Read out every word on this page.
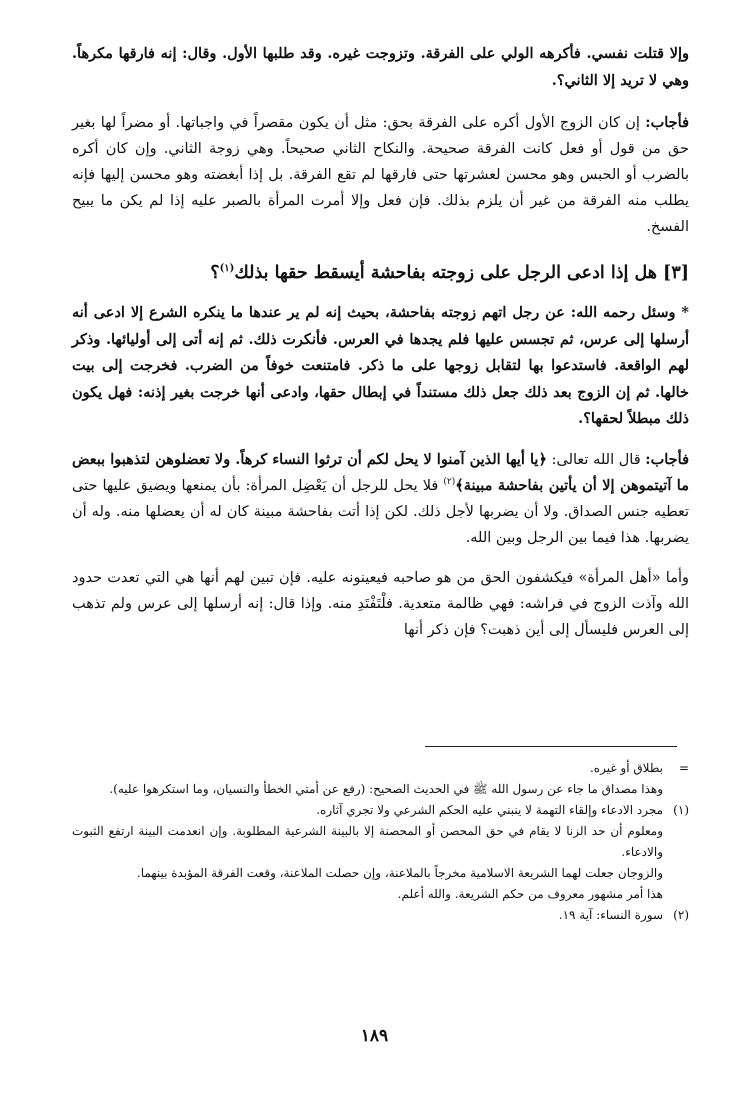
وإلا قتلت نفسي. فأكرهه الولي على الفرقة. وتزوجت غيره. وقد طلبها الأول. وقال: إنه فارقها مكرهاً. وهي لا تريد إلا الثاني؟.

فأجاب: إن كان الزوج الأول أكره على الفرقة بحق: مثل أن يكون مقصراً في واجباتها. أو مضراً لها بغير حق من قول أو فعل كانت الفرقة صحيحة. والنكاح الثاني صحيحاً. وهي زوجة الثاني. وإن كان أكره بالضرب أو الحبس وهو محسن لعشرتها حتى فارقها لم تقع الفرقة. بل إذا أبغضته وهو محسن إليها فإنه يطلب منه الفرقة من غير أن يلزم بذلك. فإن فعل وإلا أمرت المرأة بالصبر عليه إذا لم يكن ما يبيح الفسخ.

[٣] هل إذا ادعى الرجل على زوجته بفاحشة أيسقط حقها بذلك$^{(١)}$؟

* وسئل رحمه الله: عن رجل اتهم زوجته بفاحشة، بحيث إنه لم ير عندها ما ينكره الشرع إلا ادعى أنه أرسلها إلى عرس، ثم تجسس عليها فلم يجدها في العرس. فأنكرت ذلك. ثم إنه أتى إلى أوليائها. وذكر لهم الواقعة. فاستدعوا بها لتقابل زوجها على ما ذكر. فامتنعت خوفاً من الضرب. فخرجت إلى بيت خالها. ثم إن الزوج بعد ذلك جعل ذلك مستنداً في إبطال حقها، وادعى أنها خرجت بغير إذنه: فهل يكون ذلك مبطلاً لحقها؟.

فأجاب: قال الله تعالى: ﴿يا أيها الذين آمنوا لا يحل لكم أن ترثوا النساء كرهاً. ولا تعضلوهن لتذهبوا ببعض ما آتيتموهن إلا أن يأتين بفاحشة مبينة﴾$^{(٢)}$ فلا يحل للرجل أن يَعْضِل المرأة: بأن يمنعها ويضيق عليها حتى تعطيه جنس الصداق. ولا أن يضربها لأجل ذلك. لكن إذا أتت بفاحشة مبينة كان له أن يعضلها منه. وله أن يضربها. هذا فيما بين الرجل وبين الله.

وأما «أهل المرأة» فيكشفون الحق من هو صاحبه فيعينونه عليه. فإن تبين لهم أنها هي التي تعدت حدود الله وآذت الزوج في فراشه: فهي ظالمة متعدية. فلْتَفْتَدِ منه. وإذا قال: إنه أرسلها إلى عرس ولم تذهب إلى العرس فليسأل إلى أين ذهبت؟ فإن ذكر أنها

=
بطلاق أو غيره.
وهذا مصداق ما جاء عن رسول الله ﷺ في الحديث الصحيح: (رفع عن أمتي الخطأ والنسيان، وما استكرهوا عليه).
(١)
مجرد الادعاء وإلقاء التهمة لا ينبني عليه الحكم الشرعي ولا تجري آثاره.
ومعلوم أن حد الزنا لا يقام في حق المحصن أو المحصنة إلا بالبينة الشرعية المطلوبة. وإن انعدمت البينة ارتفع الثبوت والادعاء.
والزوجان جعلت لهما الشريعة الاسلامية مخرجاً بالملاعنة، وإن حصلت الملاعنة، وقعت الفرقة المؤبدة بينهما.
هذا أمر مشهور معروف من حكم الشريعة. والله أعلم.
(٢)
سورة النساء: آية ١٩.
١٨٩
